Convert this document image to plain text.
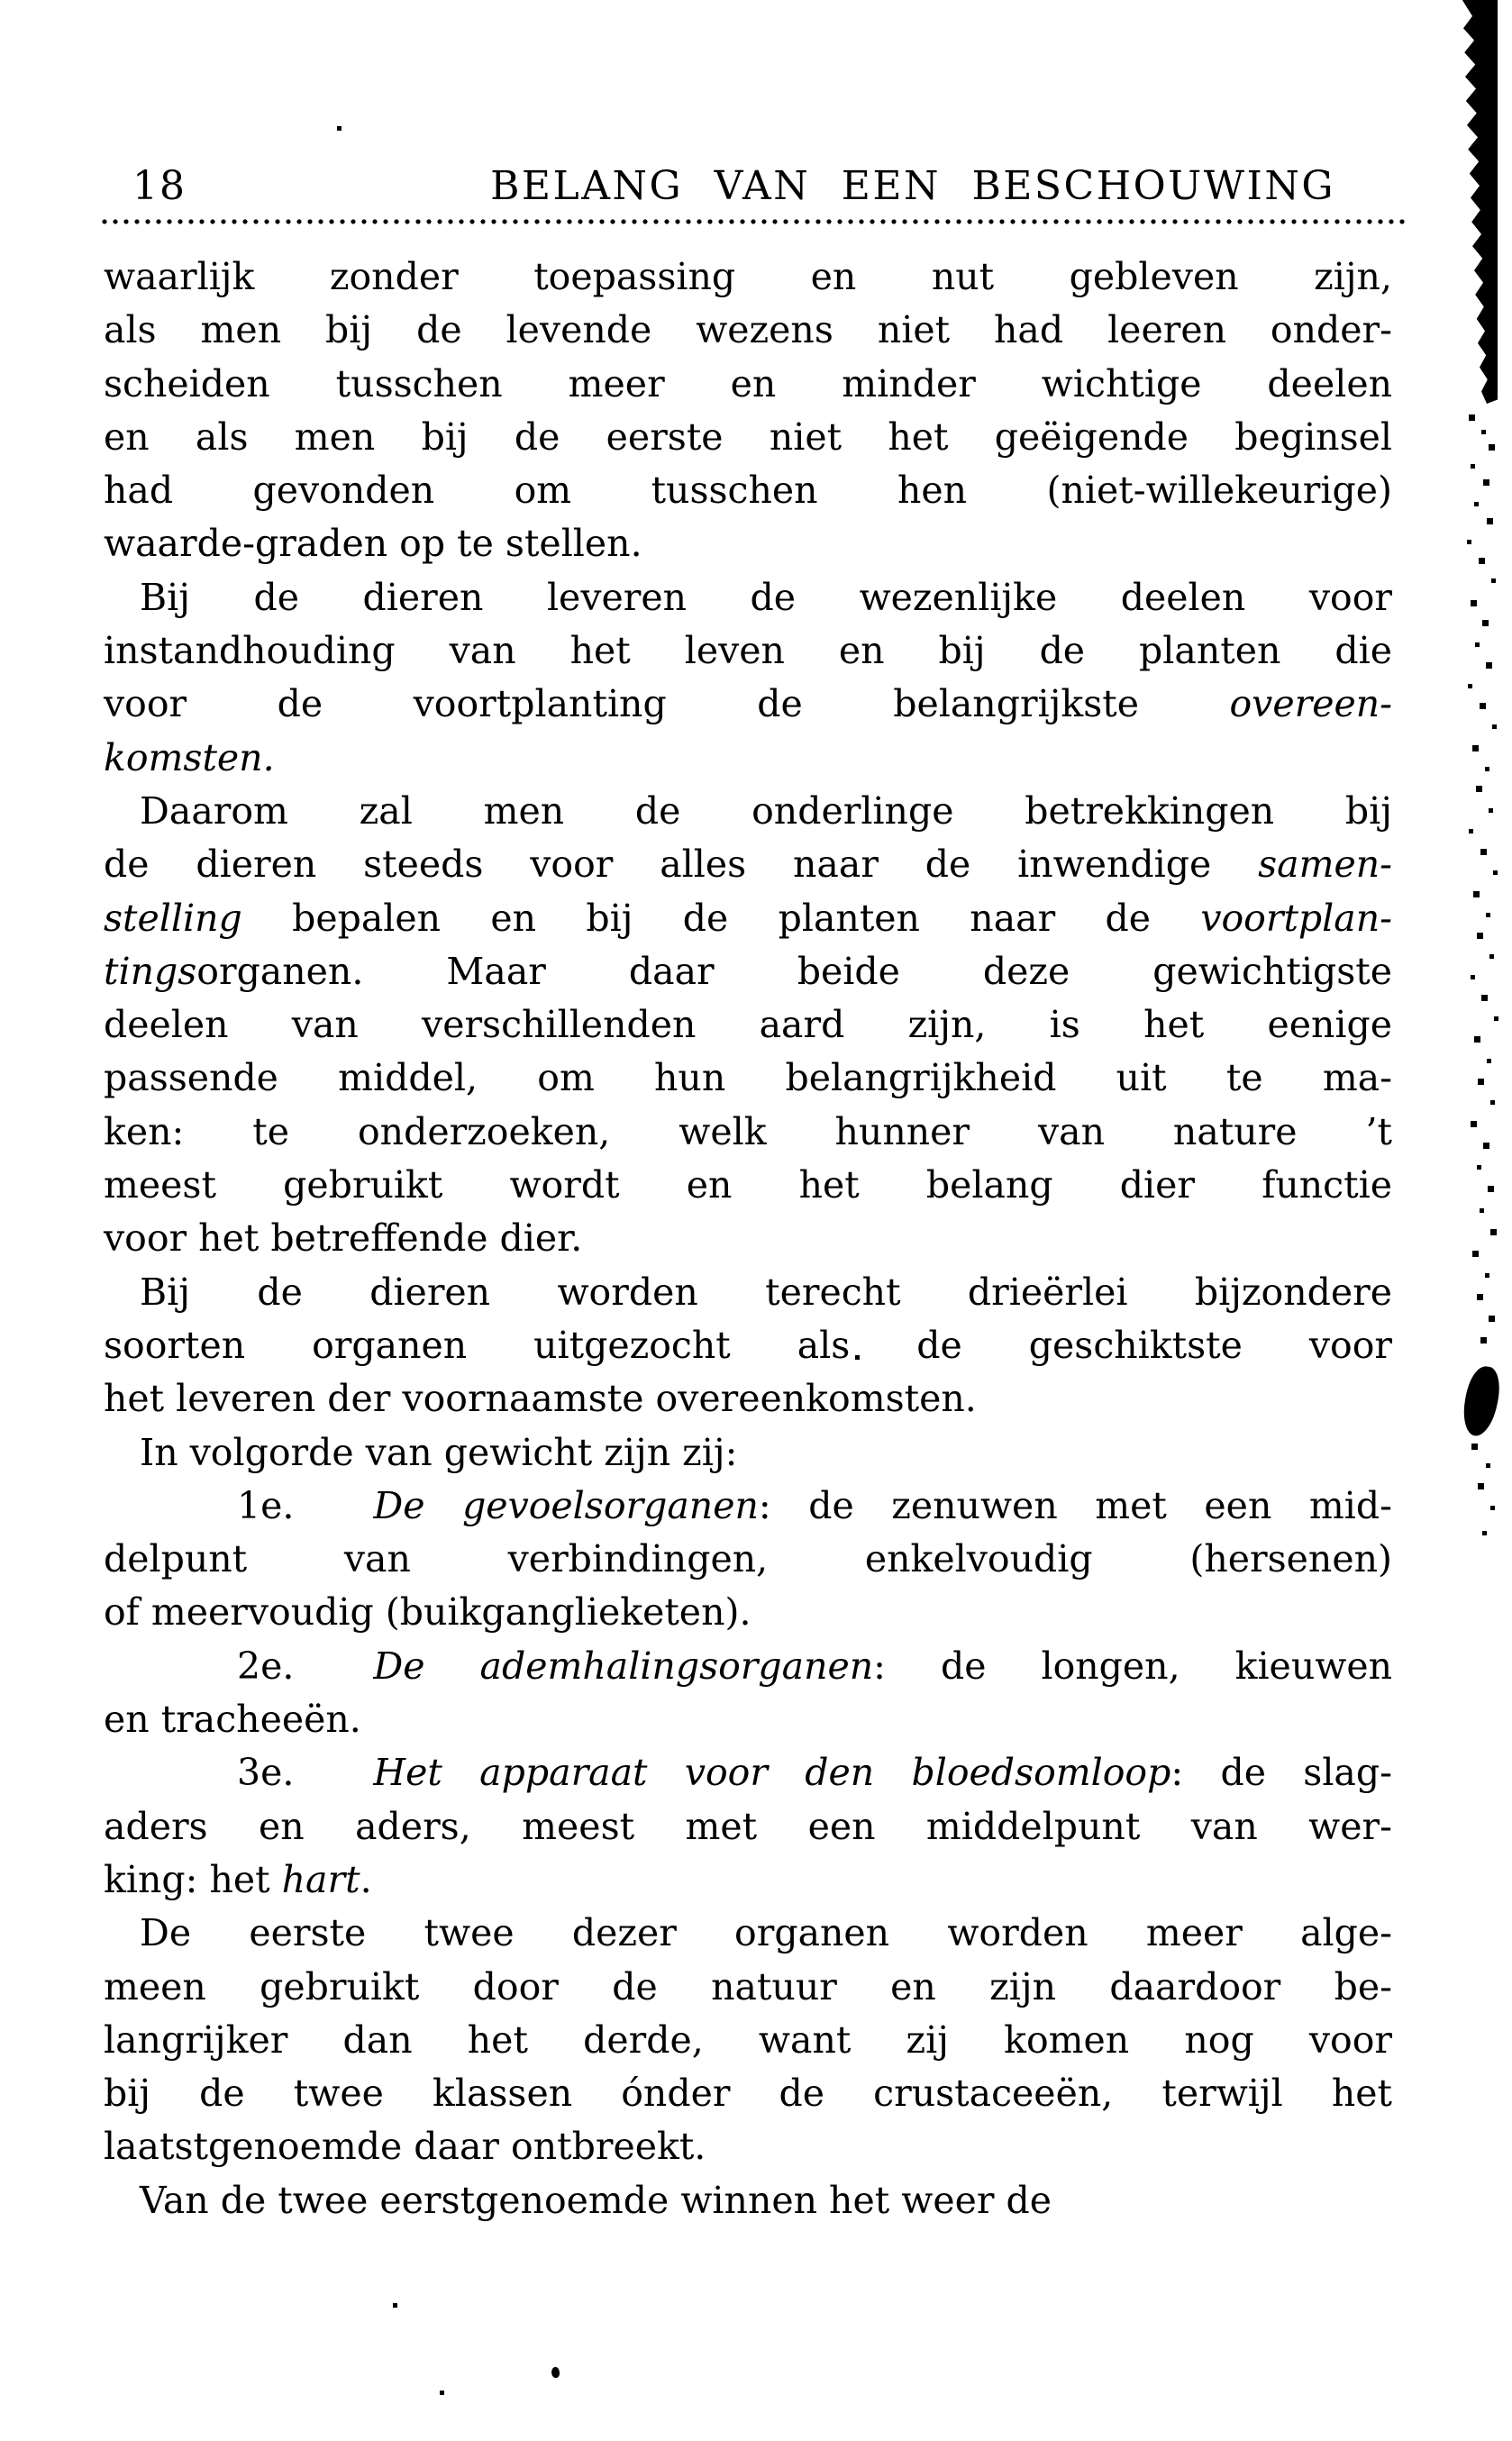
18	BELANG VAN EEN BESCHOUWING
waarlijk zonder toepassing en nut gebleven zijn,
als men bij de levende wezens niet had leeren onder-
scheiden tusschen meer en minder wichtige deelen
en als men bij de eerste niet het geëigende beginsel
had gevonden om tusschen hen (niet-willekeurige)
waarde-graden op te stellen.
Bij de dieren leveren de wezenlijke deelen voor
instandhouding van het leven en bij de planten die
voor de voortplanting de belangrijkste overeen-
komsten.
Daarom zal men de onderlinge betrekkingen bij
de dieren steeds voor alles naar de inwendige samen-
stelling bepalen en bij de planten naar de voortplan-
tingsorganen. Maar daar beide deze gewichtigste
deelen van verschillenden aard zijn, is het eenige
passende middel, om hun belangrijkheid uit te ma-
ken: te onderzoeken, welk hunner van nature ’t
meest gebruikt wordt en het belang dier functie
voor het betreffende dier.
Bij de dieren worden terecht drieërlei bijzondere
soorten organen uitgezocht als de geschiktste voor
het leveren der voornaamste overeenkomsten.
In volgorde van gewicht zijn zij:
1e. De gevoelsorganen: de zenuwen met een mid-
delpunt van verbindingen, enkelvoudig (hersenen)
of meervoudig (buikganglieketen).
2e. De ademhalingsorganen: de longen, kieuwen
en tracheeën.
3e. Het apparaat voor den bloedsomloop: de slag-
aders en aders, meest met een middelpunt van wer-
king: het hart.
De eerste twee dezer organen worden meer alge-
meen gebruikt door de natuur en zijn daardoor be-
langrijker dan het derde, want zij komen nog voor
bij de twee klassen ónder de crustaceeën, terwijl het
laatstgenoemde daar ontbreekt.
Van de twee eerstgenoemde winnen het weer de
